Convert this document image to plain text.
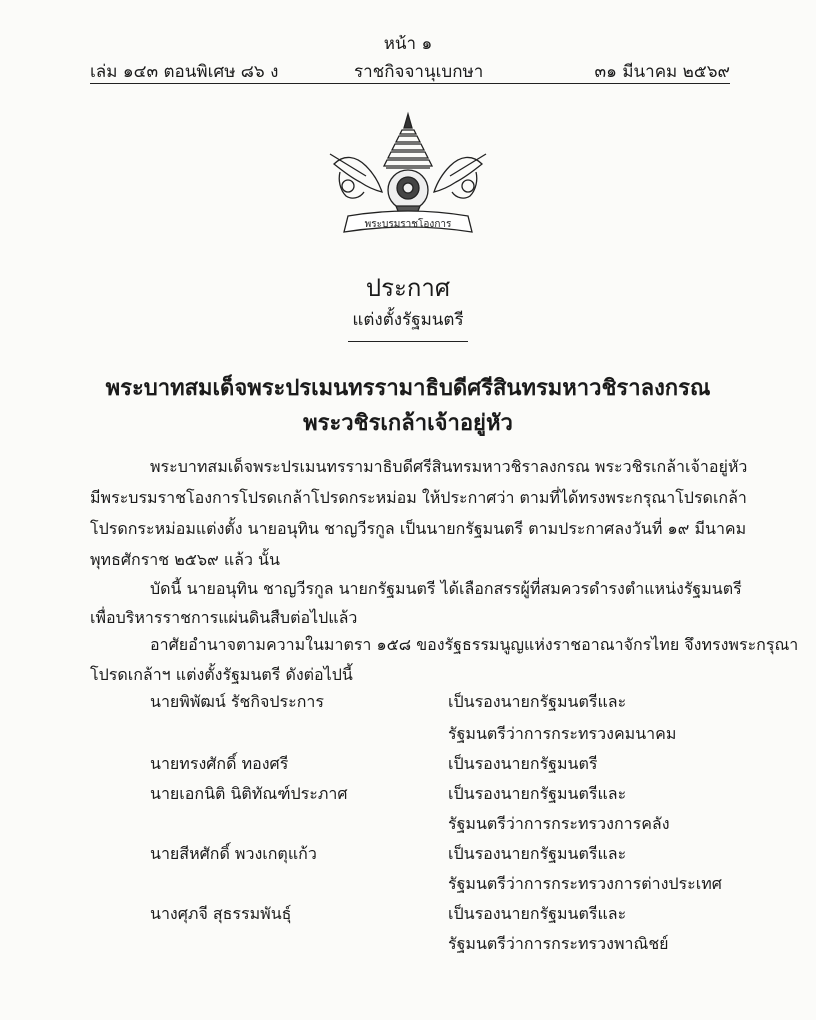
หน้า ๑
เล่ม ๑๔๓ ตอนพิเศษ ๘๖ ง	ราชกิจจานุเบกษา	๓๑ มีนาคม ๒๕๖๙
พระบรมราชโองการ
ประกาศ
แต่งตั้งรัฐมนตรี
พระบาทสมเด็จพระปรเมนทรรามาธิบดีศรีสินทรมหาวชิราลงกรณ
พระวชิรเกล้าเจ้าอยู่หัว
พระบาทสมเด็จพระปรเมนทรรามาธิบดีศรีสินทรมหาวชิราลงกรณ พระวชิรเกล้าเจ้าอยู่หัว
มีพระบรมราชโองการโปรดเกล้าโปรดกระหม่อม ให้ประกาศว่า ตามที่ได้ทรงพระกรุณาโปรดเกล้า
โปรดกระหม่อมแต่งตั้ง นายอนุทิน ชาญวีรกูล เป็นนายกรัฐมนตรี ตามประกาศลงวันที่ ๑๙ มีนาคม
พุทธศักราช ๒๕๖๙ แล้ว นั้น
บัดนี้ นายอนุทิน ชาญวีรกูล นายกรัฐมนตรี ได้เลือกสรรผู้ที่สมควรดำรงตำแหน่งรัฐมนตรี
เพื่อบริหารราชการแผ่นดินสืบต่อไปแล้ว
อาศัยอำนาจตามความในมาตรา ๑๕๘ ของรัฐธรรมนูญแห่งราชอาณาจักรไทย จึงทรงพระกรุณา
โปรดเกล้าฯ แต่งตั้งรัฐมนตรี ดังต่อไปนี้
นายพิพัฒน์ รัชกิจประการ	เป็นรองนายกรัฐมนตรีและ
รัฐมนตรีว่าการกระทรวงคมนาคม
นายทรงศักดิ์ ทองศรี	เป็นรองนายกรัฐมนตรี
นายเอกนิติ นิติทัณฑ์ประภาศ	เป็นรองนายกรัฐมนตรีและ
รัฐมนตรีว่าการกระทรวงการคลัง
นายสีหศักดิ์ พวงเกตุแก้ว	เป็นรองนายกรัฐมนตรีและ
รัฐมนตรีว่าการกระทรวงการต่างประเทศ
นางศุภจี สุธรรมพันธุ์	เป็นรองนายกรัฐมนตรีและ
รัฐมนตรีว่าการกระทรวงพาณิชย์
